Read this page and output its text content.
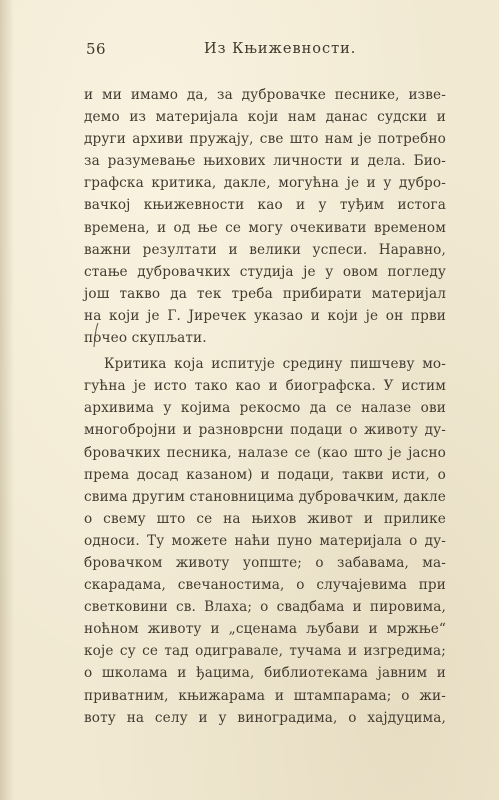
56	Из Књижевности.
и ми имамо да, за дубровачке песнике, изве-
демо из материјала који нам данас судски и
други архиви пружају, све што нам је потребно
за разумевање њихових личности и дела. Био-
графска критика, дакле, могућна је и у дубро-
вачкој књижевности као и у туђим истога
времена, и од ње се могу очекивати временом
важни резултати и велики успеси. Наравно,
стање дубровачких студија је у овом погледу
још такво да тек треба прибирати материјал
на који је Г. Јиречек указао и који је он први
почео скупљати.
Критика која испитује средину пишчеву мо-
гућна је исто тако као и биографска. У истим
архивима у којима рекосмо да се налазе ови
многобројни и разноврсни подаци о животу ду-
бровачких песника, налазе се (као што је јасно
према досад казаном) и подаци, такви исти, о
свима другим становницима дубровачким, дакле
о свему што се на њихов живот и прилике
односи. Ту можете наћи пуно материјала о ду-
бровачком животу уопште; о забавама, ма-
скарадама, свечаностима, о случајевима при
светковини св. Влаха; о свадбама и пировима,
ноћном животу и „сценама љубави и мржње“
које су се тад одигравале, тучама и изгредима;
о школама и ђацима, библиотекама јавним и
приватним, књижарама и штампарама; о жи-
воту на селу и у виноградима, о хајдуцима,
